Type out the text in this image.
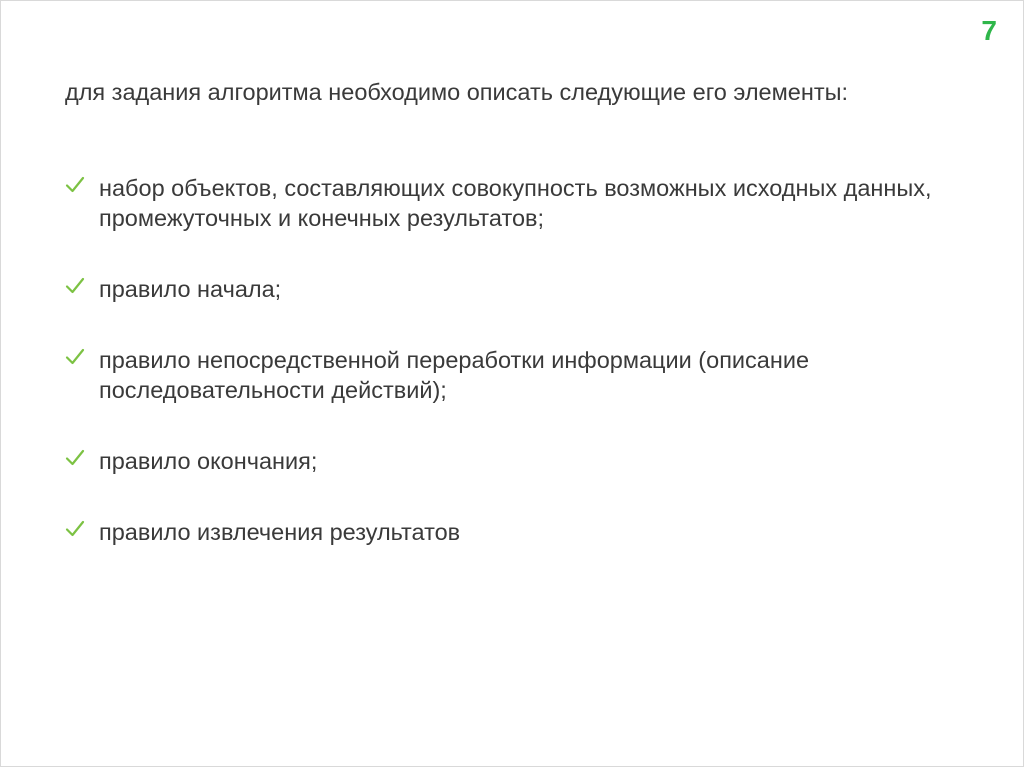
7
для задания алгоритма необходимо описать следующие его элементы:
набор объектов, составляющих совокупность возможных исходных данных, промежуточных и конечных результатов;
правило начала;
правило непосредственной переработки информации (описание последовательности действий);
правило окончания;
правило извлечения результатов
